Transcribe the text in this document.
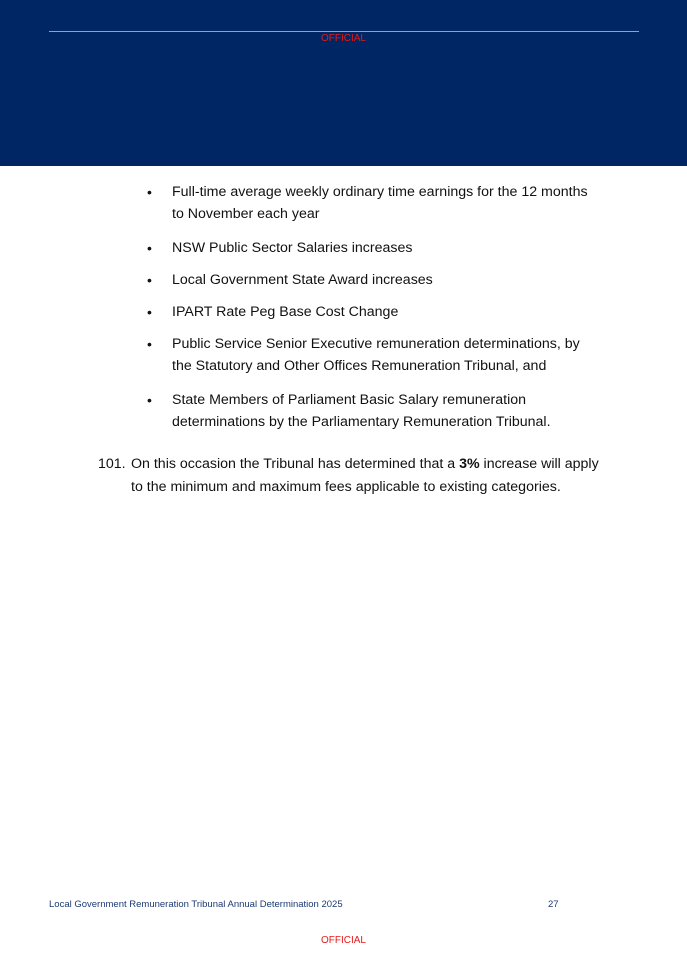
OFFICIAL
•	Full-time average weekly ordinary time earnings for the 12 months
to November each year
•	NSW Public Sector Salaries increases
•	Local Government State Award increases
•	IPART Rate Peg Base Cost Change
•	Public Service Senior Executive remuneration determinations, by
the Statutory and Other Offices Remuneration Tribunal, and
•	State Members of Parliament Basic Salary remuneration
determinations by the Parliamentary Remuneration Tribunal.
101. On this occasion the Tribunal has determined that a 3% increase will apply
to the minimum and maximum fees applicable to existing categories.
Local Government Remuneration Tribunal Annual Determination 2025	27
OFFICIAL
